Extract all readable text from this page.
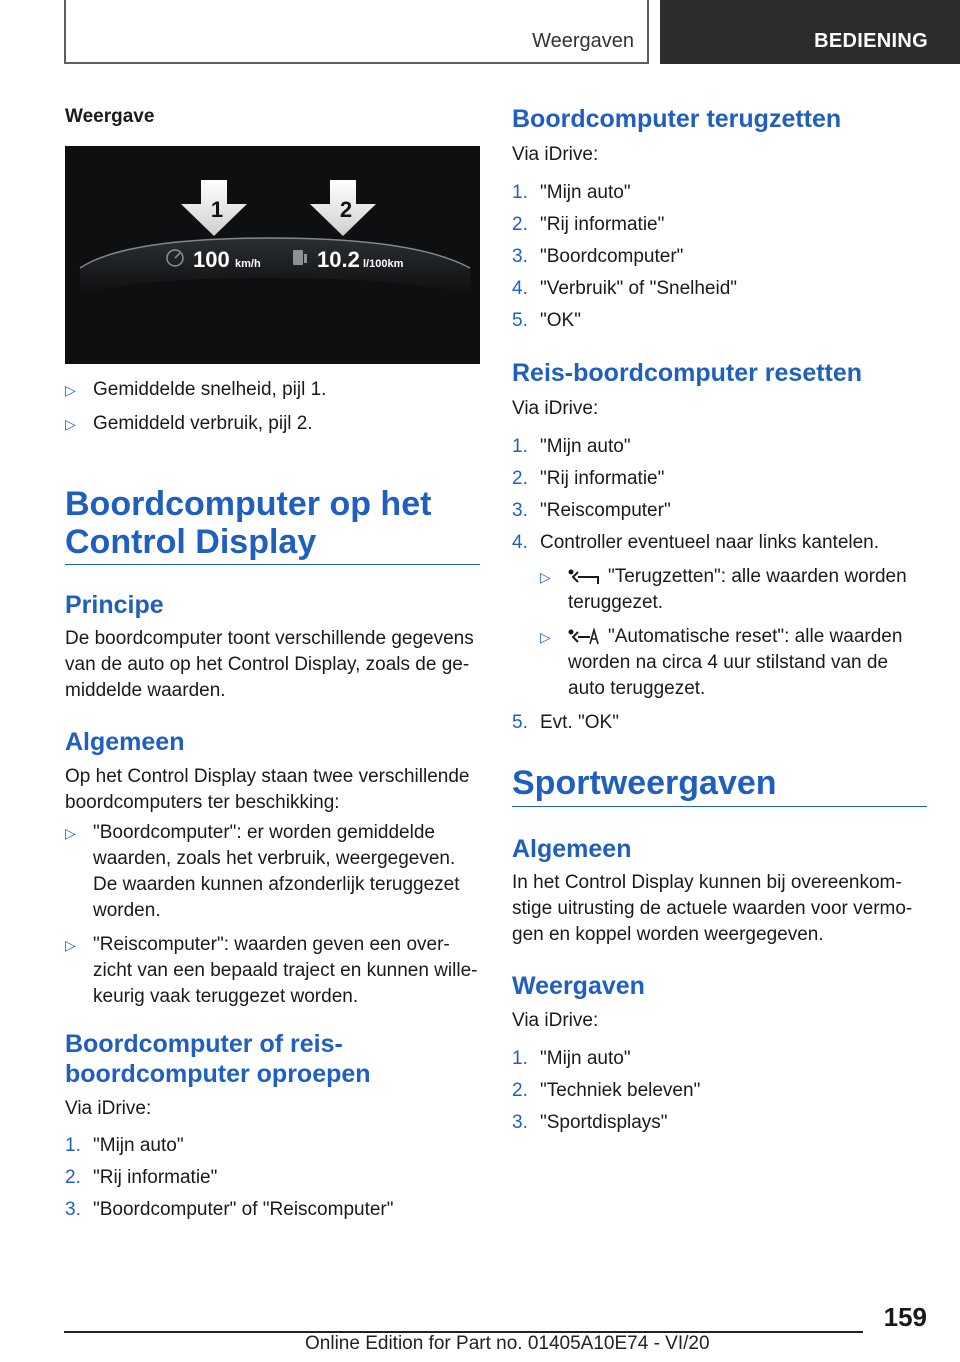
Weergaven	BEDIENING
Weergave
1	2
100 km/h	10.2 l/100km
▷ Gemiddelde snelheid, pijl 1.
▷ Gemiddeld verbruik, pijl 2.
Boordcomputer op het
Control Display
Principe
De boordcomputer toont verschillende gegevens van de auto op het Control Display, zoals de ge-middelde waarden.
Algemeen
Op het Control Display staan twee verschillende boordcomputers ter beschikking:
▷ "Boordcomputer": er worden gemiddelde waarden, zoals het verbruik, weergegeven. De waarden kunnen afzonderlijk teruggezet worden.
▷ "Reiscomputer": waarden geven een over-zicht van een bepaald traject en kunnen wille-keurig vaak teruggezet worden.
Boordcomputer of reis-
boordcomputer oproepen
Via iDrive:
1. "Mijn auto"
2. "Rij informatie"
3. "Boordcomputer" of "Reiscomputer"
Boordcomputer terugzetten
Via iDrive:
1. "Mijn auto"
2. "Rij informatie"
3. "Boordcomputer"
4. "Verbruik" of "Snelheid"
5. "OK"
Reis-boordcomputer resetten
Via iDrive:
1. "Mijn auto"
2. "Rij informatie"
3. "Reiscomputer"
4. Controller eventueel naar links kantelen.
▷	"Terugzetten": alle waarden worden teruggezet.
▷	"Automatische reset": alle waarden worden na circa 4 uur stilstand van de auto teruggezet.
5. Evt. "OK"
Sportweergaven
Algemeen
In het Control Display kunnen bij overeenkom-stige uitrusting de actuele waarden voor vermo-gen en koppel worden weergegeven.
Weergaven
Via iDrive:
1. "Mijn auto"
2. "Techniek beleven"
3. "Sportdisplays"
159
Online Edition for Part no. 01405A10E74 - VI/20
